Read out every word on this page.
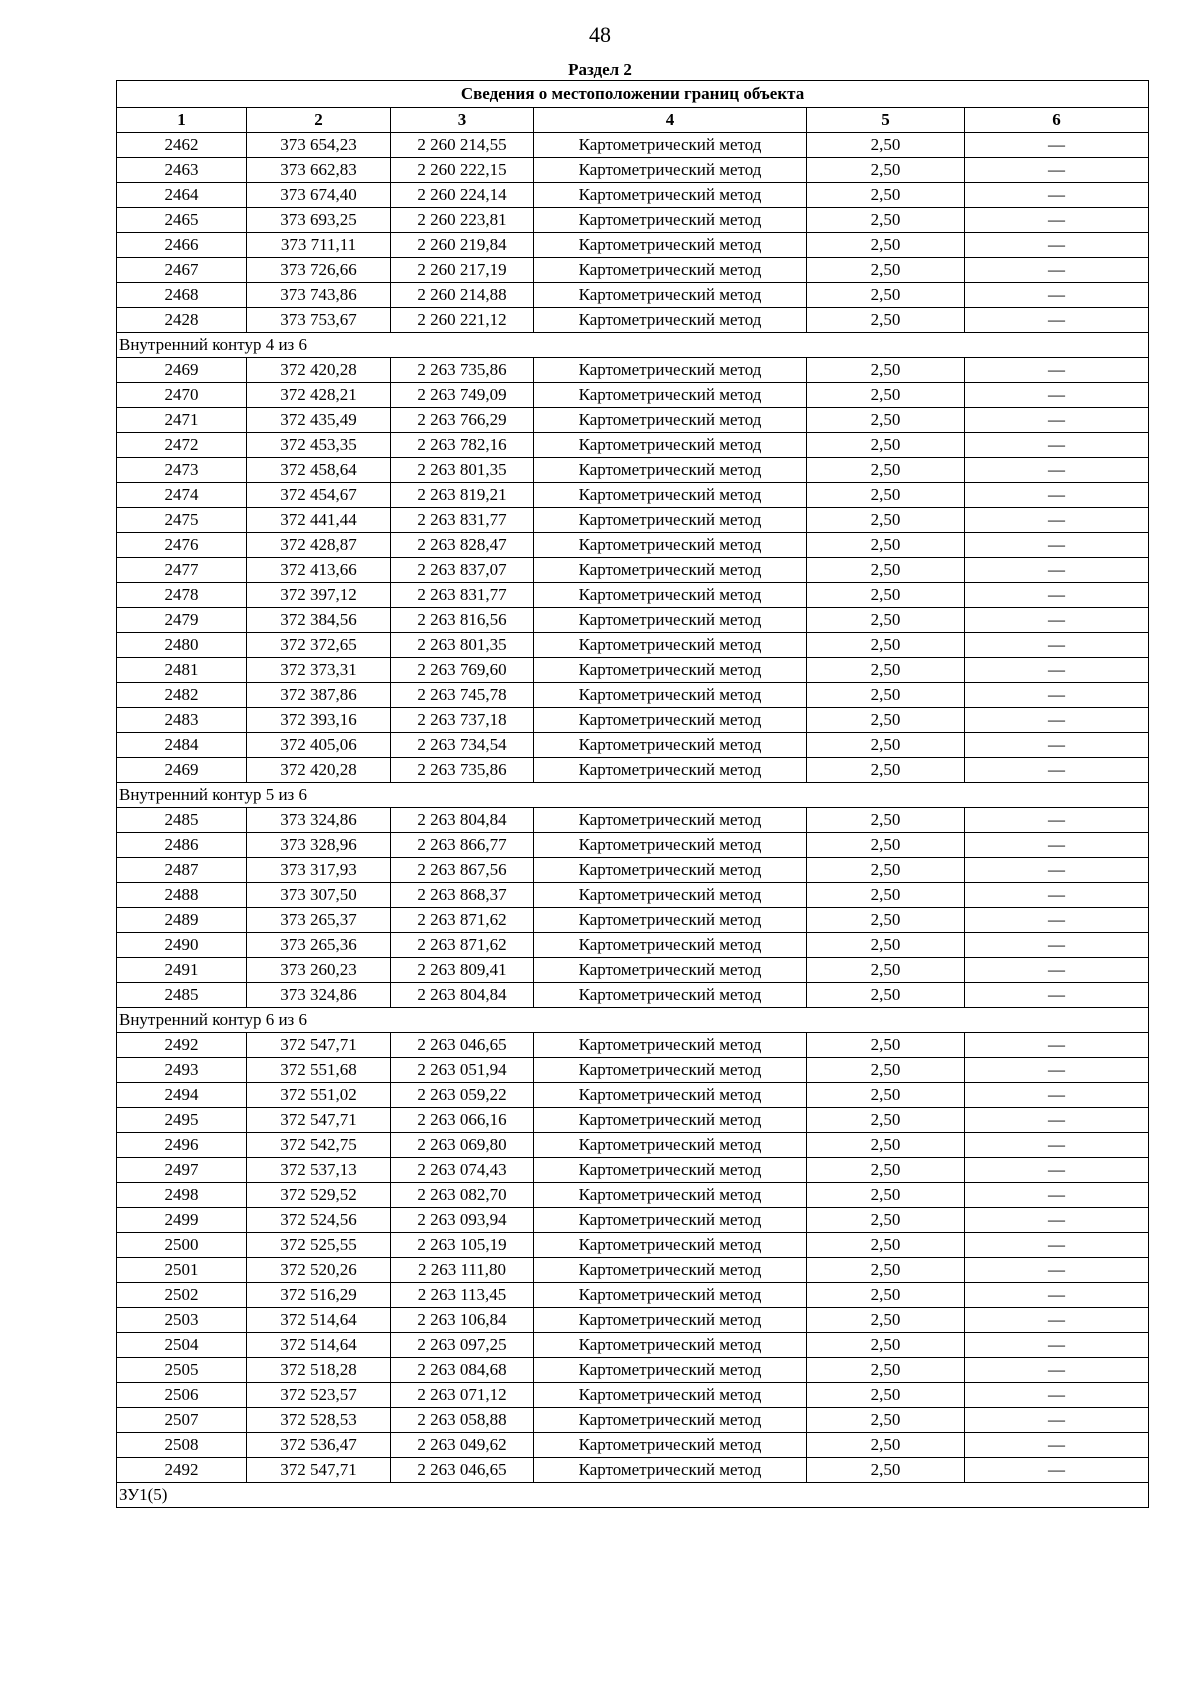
48
Раздел 2
Сведения о местоположении границ объекта					
1	2	3	4	5	6
2462	373 654,23	2 260 214,55	Картометрический метод	2,50	—
2463	373 662,83	2 260 222,15	Картометрический метод	2,50	—
2464	373 674,40	2 260 224,14	Картометрический метод	2,50	—
2465	373 693,25	2 260 223,81	Картометрический метод	2,50	—
2466	373 711,11	2 260 219,84	Картометрический метод	2,50	—
2467	373 726,66	2 260 217,19	Картометрический метод	2,50	—
2468	373 743,86	2 260 214,88	Картометрический метод	2,50	—
2428	373 753,67	2 260 221,12	Картометрический метод	2,50	—
Внутренний контур 4 из 6					
2469	372 420,28	2 263 735,86	Картометрический метод	2,50	—
2470	372 428,21	2 263 749,09	Картометрический метод	2,50	—
2471	372 435,49	2 263 766,29	Картометрический метод	2,50	—
2472	372 453,35	2 263 782,16	Картометрический метод	2,50	—
2473	372 458,64	2 263 801,35	Картометрический метод	2,50	—
2474	372 454,67	2 263 819,21	Картометрический метод	2,50	—
2475	372 441,44	2 263 831,77	Картометрический метод	2,50	—
2476	372 428,87	2 263 828,47	Картометрический метод	2,50	—
2477	372 413,66	2 263 837,07	Картометрический метод	2,50	—
2478	372 397,12	2 263 831,77	Картометрический метод	2,50	—
2479	372 384,56	2 263 816,56	Картометрический метод	2,50	—
2480	372 372,65	2 263 801,35	Картометрический метод	2,50	—
2481	372 373,31	2 263 769,60	Картометрический метод	2,50	—
2482	372 387,86	2 263 745,78	Картометрический метод	2,50	—
2483	372 393,16	2 263 737,18	Картометрический метод	2,50	—
2484	372 405,06	2 263 734,54	Картометрический метод	2,50	—
2469	372 420,28	2 263 735,86	Картометрический метод	2,50	—
Внутренний контур 5 из 6					
2485	373 324,86	2 263 804,84	Картометрический метод	2,50	—
2486	373 328,96	2 263 866,77	Картометрический метод	2,50	—
2487	373 317,93	2 263 867,56	Картометрический метод	2,50	—
2488	373 307,50	2 263 868,37	Картометрический метод	2,50	—
2489	373 265,37	2 263 871,62	Картометрический метод	2,50	—
2490	373 265,36	2 263 871,62	Картометрический метод	2,50	—
2491	373 260,23	2 263 809,41	Картометрический метод	2,50	—
2485	373 324,86	2 263 804,84	Картометрический метод	2,50	—
Внутренний контур 6 из 6					
2492	372 547,71	2 263 046,65	Картометрический метод	2,50	—
2493	372 551,68	2 263 051,94	Картометрический метод	2,50	—
2494	372 551,02	2 263 059,22	Картометрический метод	2,50	—
2495	372 547,71	2 263 066,16	Картометрический метод	2,50	—
2496	372 542,75	2 263 069,80	Картометрический метод	2,50	—
2497	372 537,13	2 263 074,43	Картометрический метод	2,50	—
2498	372 529,52	2 263 082,70	Картометрический метод	2,50	—
2499	372 524,56	2 263 093,94	Картометрический метод	2,50	—
2500	372 525,55	2 263 105,19	Картометрический метод	2,50	—
2501	372 520,26	2 263 111,80	Картометрический метод	2,50	—
2502	372 516,29	2 263 113,45	Картометрический метод	2,50	—
2503	372 514,64	2 263 106,84	Картометрический метод	2,50	—
2504	372 514,64	2 263 097,25	Картометрический метод	2,50	—
2505	372 518,28	2 263 084,68	Картометрический метод	2,50	—
2506	372 523,57	2 263 071,12	Картометрический метод	2,50	—
2507	372 528,53	2 263 058,88	Картометрический метод	2,50	—
2508	372 536,47	2 263 049,62	Картометрический метод	2,50	—
2492	372 547,71	2 263 046,65	Картометрический метод	2,50	—
ЗУ1(5)					
